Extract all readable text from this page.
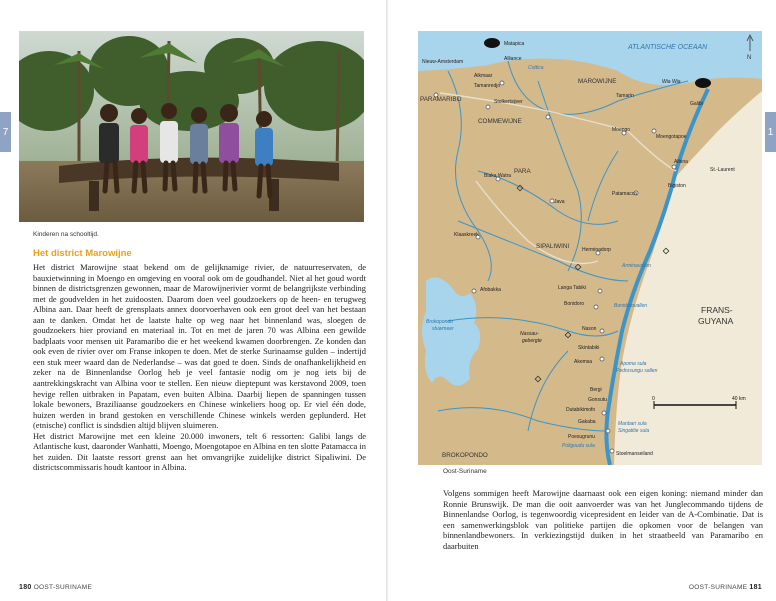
7
Kinderen na schooltijd.
Het district Marowijne

Het district Marowijne staat bekend om de gelijknamige rivier, de natuurreservaten, de bauxietwinning in Moengo en omgeving en vooral ook om de goudhandel. Niet al het goud wordt binnen de districtsgrenzen gewonnen, maar de Marowijnerivier vormt de belangrijkste verbinding met de goudvelden in het zuidoosten. Daarom doen veel goudzoekers op de heen- en terugweg Albina aan. Daar heeft de grensplaats annex doorvoerhaven ook een groot deel van het bestaan aan te danken. Omdat het de laatste halte op weg naar het binnenland was, sloegen de goudzoekers hier proviand en materiaal in. Tot en met de jaren 70 was Albina een gewilde badplaats voor mensen uit Paramaribo die er het weekend kwamen doorbrengen. Ze konden dan ook even de rivier over om Franse inkopen te doen. Met de sterke Surinaamse gulden – indertijd een stuk meer waard dan de Nederlandse – was dat goed te doen. Sinds de onafhankelijkheid en zeker na de Binnenlandse Oorlog heb je veel fantasie nodig om je nog iets bij de aantrekkingskracht van Albina voor te stellen. Een nieuw dieptepunt was kerstavond 2009, toen hevige rellen uitbraken in Papatam, even buiten Albina. Daarbij liepen de spanningen tussen lokale bewoners, Braziliaanse goudzoekers en Chinese winkeliers hoog op. Er viel één dode, huizen werden in brand gestoken en verschillende Chinese winkels werden geplunderd. Het (etnische) conflict is sindsdien altijd blijven sluimeren.

Het district Marowijne met een kleine 20.000 inwoners, telt 6 ressorten: Galibi langs de Atlantische kust, daaronder Wanhatti, Moengo, Moengotapoe en Albina en ten slotte Patamacca in het zuiden. Dit laatste ressort grenst aan het omvangrijke zuidelijke district Sipaliwini. De districtscommissaris houdt kantoor in Albina.

180 OOST-SURINAME
1
Oost-Suriname
Volgens sommigen heeft Marowijne daarnaast ook een eigen koning: niemand minder dan Ronnie Brunswijk. De man die ooit aanvoerder was van het Junglecommando tijdens de Binnenlandse Oorlog, is tegenwoordig vicepresident en leider van de A-Combinatie. Dat is een samenwerkingsblok van politieke partijen die opkomen voor de belangen van binnenlandbewoners. In verkiezingstijd duiken in het straatbeeld van Paramaribo en daarbuiten
OOST-SURINAME 181
N
0	40 km
ATLANTISCHE OCEAAN
FRANS-
GUYANA
Brokopondo
stuwmeer
MAROWIJNE
COMMEWIJNE
PARA
SIPALIWINI
BROKOPONDO
PARAMARIBO
Matapica
Alliance
Nieuw-Amsterdam
Alkmaar
Tamanredjo
Stolkertsijver
Tamarin
Galibi
Moengo
Moengotapoe
Albina
St.-Laurent
Bigiston
Patamacca
Blaka Watra
Java
Klaaskreek
Herminadorp
Afobakka	Langa Tabiki
Bonidoro
Nason
Skintabiki
Akemsa
Bergi
Gonsutu
Dutabikimofo
Gakaba
Poesugrunu
Stoelmanseiland
Wia Wia
Cottica
Nassau-
gebergte
Arminavallen
Bonidorovallen
Apoma sula
Pedrosungu sallen
Manbari sula
Singatitie sula
Poligoudu sula
